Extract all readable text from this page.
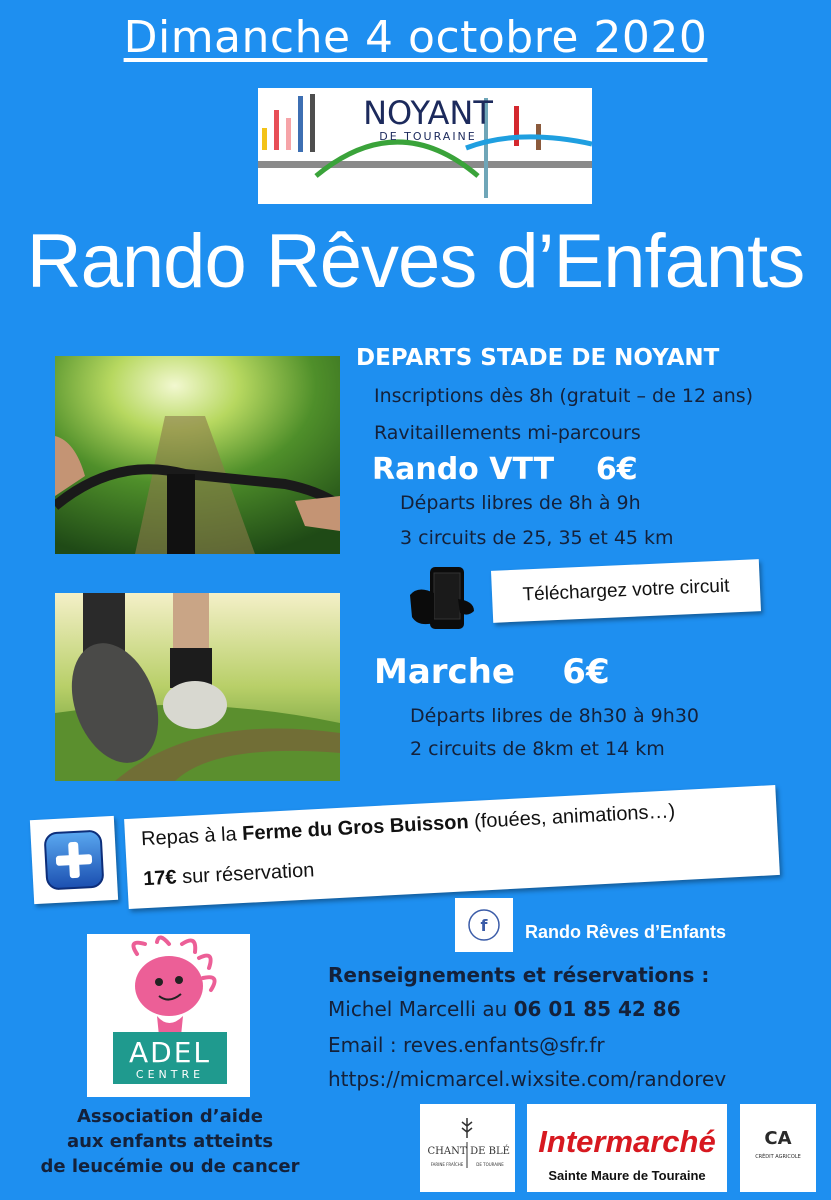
Dimanche 4 octobre 2020
NOYANT
DE TOURAINE
Rando Rêves d’Enfants
DEPARTS STADE DE NOYANT
Inscriptions dès 8h (gratuit – de 12 ans)
Ravitaillements mi-parcours
Rando VTT    6€
Départs libres de 8h à 9h
3 circuits de 25, 35 et 45 km
Téléchargez votre circuit
Marche    6€
Départs libres de 8h30 à 9h30
2 circuits de 8km et 14 km
Repas à la Ferme du Gros Buisson (fouées, animations…)
17€ sur réservation
f Rando Rêves d’Enfants
ADEL
CENTRE
Association d’aide
aux enfants atteints
de leucémie ou de cancer
Renseignements et réservations :
Michel Marcelli au 06 01 85 42 86
Email : reves.enfants@sfr.fr
https://micmarcel.wixsite.com/randorev
CHANT DE BLÉ
FARINE FRAÎCHE	DE TOURAINE
Intermarché
Sainte Maure de Touraine
CA
CRÉDIT AGRICOLE
